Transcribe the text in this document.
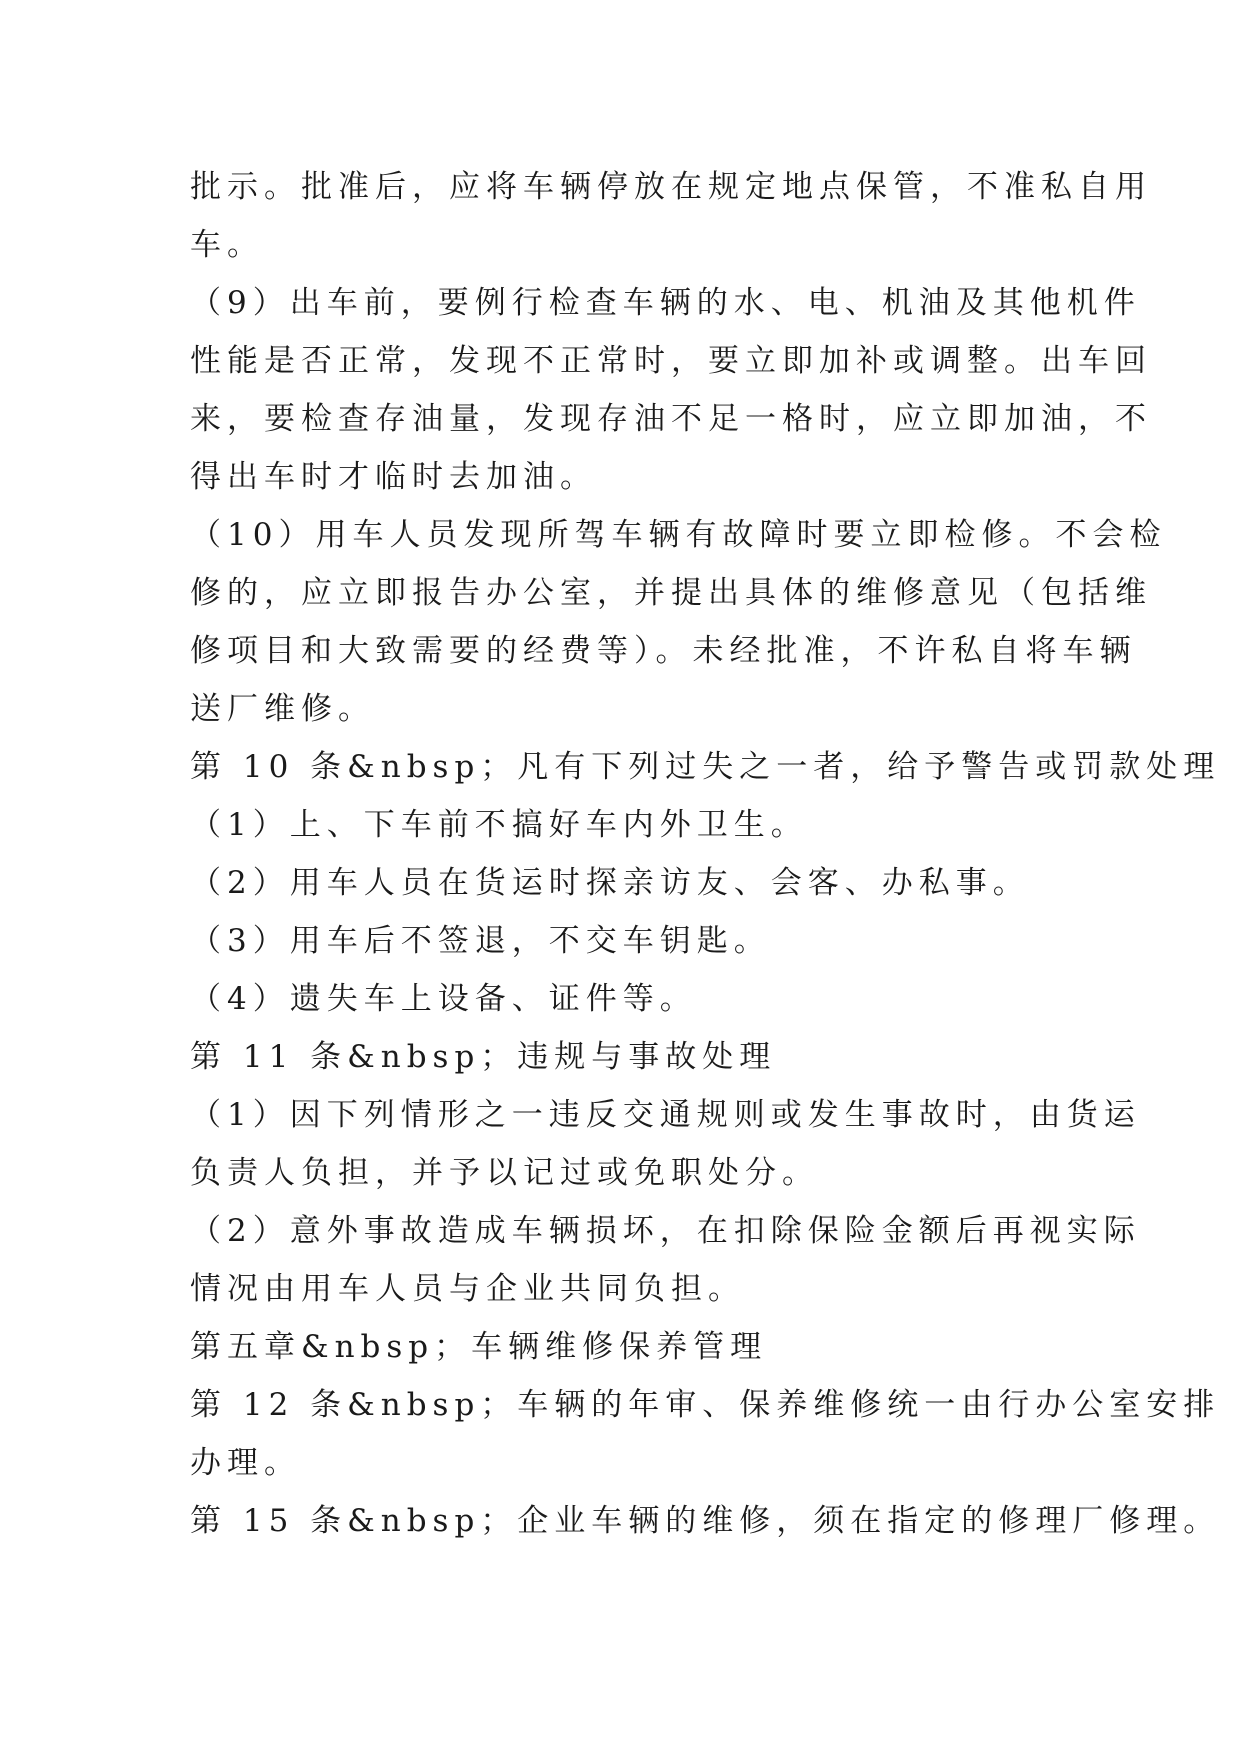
批示。批准后，应将车辆停放在规定地点保管，不准私自用
车。
（9）出车前，要例行检查车辆的水、电、机油及其他机件
性能是否正常，发现不正常时，要立即加补或调整。出车回
来，要检查存油量，发现存油不足一格时，应立即加油，不
得出车时才临时去加油。
（10）用车人员发现所驾车辆有故障时要立即检修。不会检
修的，应立即报告办公室，并提出具体的维修意见（包括维
修项目和大致需要的经费等）。未经批准，不许私自将车辆
送厂维修。
第 10 条&nbsp；凡有下列过失之一者，给予警告或罚款处理
（1）上、下车前不搞好车内外卫生。
（2）用车人员在货运时探亲访友、会客、办私事。
（3）用车后不签退，不交车钥匙。
（4）遗失车上设备、证件等。
第 11 条&nbsp；违规与事故处理
（1）因下列情形之一违反交通规则或发生事故时，由货运
负责人负担，并予以记过或免职处分。
（2）意外事故造成车辆损坏，在扣除保险金额后再视实际
情况由用车人员与企业共同负担。
第五章&nbsp；车辆维修保养管理
第 12 条&nbsp；车辆的年审、保养维修统一由行办公室安排
办理。
第 15 条&nbsp；企业车辆的维修，须在指定的修理厂修理。
